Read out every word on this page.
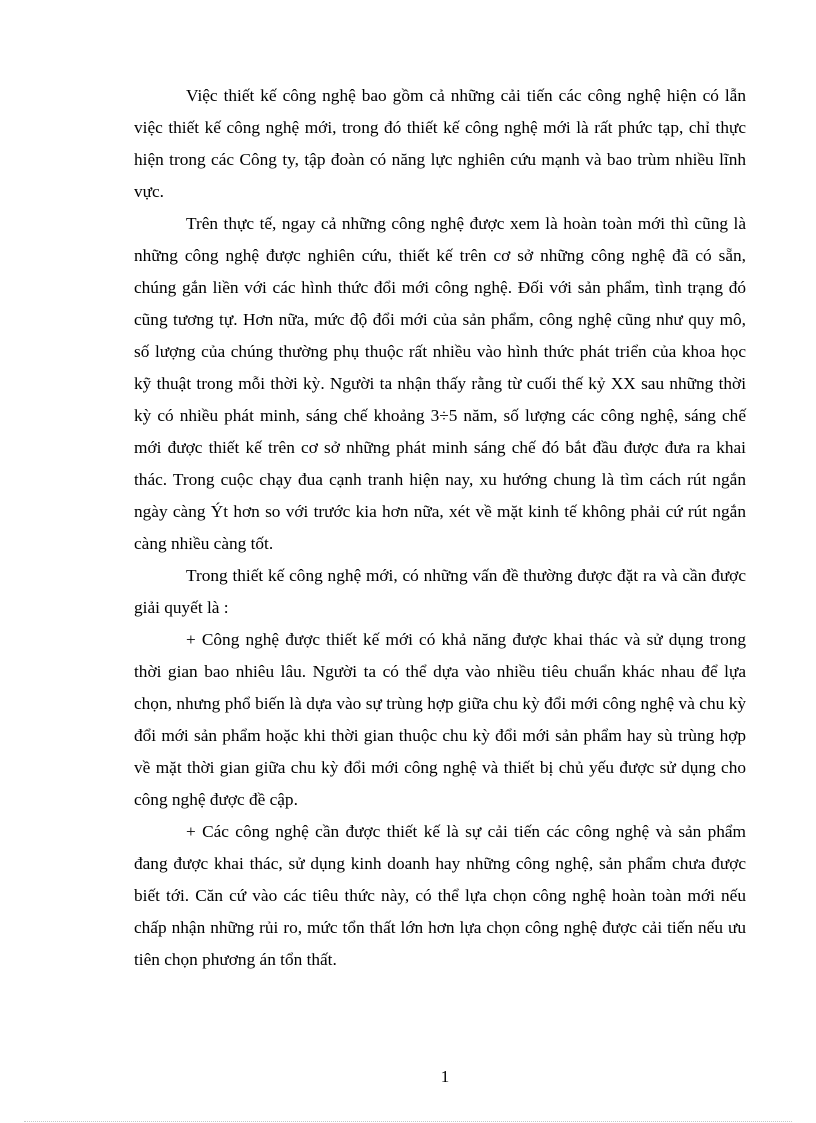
Việc thiết kế công nghệ bao gồm cả những cải tiến các công nghệ hiện có lẫn việc thiết kế công nghệ mới, trong đó thiết kế công nghệ mới là rất phức tạp, chỉ thực hiện trong các Công ty, tập đoàn có năng lực nghiên cứu mạnh và bao trùm nhiều lĩnh vực.

Trên thực tế, ngay cả những công nghệ được xem là hoàn toàn mới thì cũng là những công nghệ được nghiên cứu, thiết kế trên cơ sở những công nghệ đã có sẵn, chúng gắn liền với các hình thức đổi mới công nghệ. Đối với sản phẩm, tình trạng đó cũng tương tự. Hơn nữa, mức độ đổi mới của sản phẩm, công nghệ cũng như quy mô, số lượng của chúng thường phụ thuộc rất nhiều vào hình thức phát triển của khoa học kỹ thuật trong mỗi thời kỳ. Người ta nhận thấy rằng từ cuối thế kỷ XX sau những thời kỳ có nhiều phát minh, sáng chế khoảng 3÷5 năm, số lượng các công nghệ, sáng chế mới được thiết kế trên cơ sở những phát minh sáng chế đó bắt đầu được đưa ra khai thác. Trong cuộc chạy đua cạnh tranh hiện nay, xu hướng chung là tìm cách rút ngắn ngày càng Ýt hơn so với trước kia hơn nữa, xét về mặt kinh tế không phải cứ rút ngắn càng nhiều càng tốt.

Trong thiết kế công nghệ mới, có những vấn đề thường được đặt ra và cần được giải quyết là :

+ Công nghệ được thiết kế mới có khả năng được khai thác và sử dụng trong thời gian bao nhiêu lâu. Người ta có thể dựa vào nhiều tiêu chuẩn khác nhau để lựa chọn, nhưng phổ biến là dựa vào sự trùng hợp giữa chu kỳ đổi mới công nghệ và chu kỳ đổi mới sản phẩm hoặc khi thời gian thuộc chu kỳ đổi mới sản phẩm hay sù trùng hợp về mặt thời gian giữa chu kỳ đổi mới công nghệ và thiết bị chủ yếu được sử dụng cho công nghệ được đề cập.

+ Các công nghệ cần được thiết kế là sự cải tiến các công nghệ và sản phẩm đang được khai thác, sử dụng kinh doanh hay những công nghệ, sản phẩm chưa được biết tới. Căn cứ vào các tiêu thức này, có thể lựa chọn công nghệ hoàn toàn mới nếu chấp nhận những rủi ro, mức tổn thất lớn hơn lựa chọn công nghệ được cải tiến nếu ưu tiên chọn phương án tổn thất.

1
